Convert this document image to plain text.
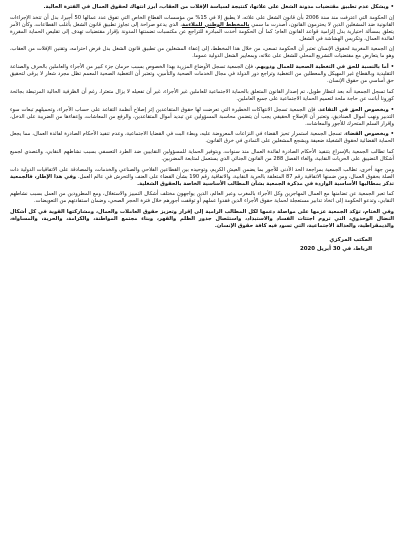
• ويشكل عدم تطبيق مقتضيات مدونة الشغل على علاتها، كنتيجة لسياسة الإفلات من العقاب، أبرز انتهاك لحقوق العمال في الفترة الحالية.

إن الحكومة التي اعترفت منذ سنة 2006 بأن قانون الشغل على علاته، لا يطبق إلا في 15% من مؤسسات القطاع الخاص التي تفوق عدد عمالها 50 أجيرا، بدل أن تتخذ الإجراءات القانونية ضد المشغلين الذين لا يحترمون القانون، أصدرت ما سمي بالمخطط الوطني للملاءمة، الذي يدعو صراحة إلى تجاوز تطبيق قانون الشغل بأغلب القطاعات، وكأن الأمر يتعلق بمسألة اختيارية بدل إلزامية قواعد القانون العام؛ كما أن الحكومة أخذت المبادرة للتراجع عن مكتسبات تضمنتها المدونة بإقرار مقتضيات تهدف إلى تقليص الحماية المقررة لفائدة العمال، وتكريس الهشاشة في الشغل.

إن الجمعية المغربية لحقوق الإنسان تعتبر أن الحكومة تسعى، من خلال هذا المخطط، إلى إعفاء المشغلين من تطبيق قانون الشغل بدل فرض احترامه، وتقنين الإفلات من العقاب، وهو ما يتعارض مع مقتضيات التشريع المحلي للشغل على علاته، وبمعايير الشغل الدولية عموما.

• أما بالنسبة للحق في التغطية الصحية للعمال وذويهم، فإن الجمعية تسجل الأوضاع المزرية بهذا الخصوص بسبب حرمان جزء كبير من الأجراء والعاملين بالحرف والصناعة التقليدية وبالقطاع غير المهيكل والمعطلين من التغطية وتراجع دور الدولة في مجال الخدمات الصحية والتأمين، وتعتبر أن التغطية الصحية المعمم تظل مجرد شعار لا يرقى لتحقيق حق أساسي من حقوق الإنسان.

كما تسجل الجمعية أنه بعد انتظار طويل، تم إصدار القانون المتعلق بالحماية الاجتماعية للعاملين غير الأجراء، غير أن تفعيله لا يزال متعثرا، رغم أن الظرفية الحالية المرتبطة بجائحة كورونا أبانت عن حاجة ملحة لتعميم الحماية الاجتماعية على جميع العاملين.

• وبخصوص الحق في التقاعد، فإن الجمعية تسجل الانتهاكات الخطيرة التي تعرضت لها حقوق المتقاعدين إثر إصلاح أنظمة التقاعد على حساب الأجراء، وتحميلهم تبعات سوء التدبير ونهب أموال الصناديق، وتعتبر أن الإصلاح الحقيقي يجب أن يتضمن محاسبة المسؤولين عن تبديد أموال المتقاعدين، والرفع من المعاشات، وإعفاءها من الضريبة على الدخل، وإقرار السلم المتحرك للأجور والمعاشات.

• وبخصوص القضاء، تسجل الجمعية استمرار تحيز القضاء في النزاعات المعروضة عليه، وبطء البت في القضايا الاجتماعية، وعدم تنفيذ الأحكام الصادرة لفائدة العمال، مما يجعل الحماية القضائية لحقوق الشغيلة ضعيفة ويشجع المشغلين على التمادي في خرق القانون.

كما تطالب الجمعية بالإسراع بتنفيذ الأحكام الصادرة لفائدة العمال منذ سنوات، وبتوفير الحماية للمسؤولين النقابيين ضد الطرد التعسفي بسبب نشاطهم النقابي، والتصدي لجميع أشكال التضييق على الحريات النقابية، وإلغاء الفصل 288 من القانون الجنائي الذي يستعمل لمتابعة المضربين.

ومن جهة أخرى، تطالب الجمعية بمراجعة الحد الأدنى للأجور بما يضمن العيش الكريم، وتوحيده بين القطاعين الفلاحي والصناعي والخدمات، والمصادقة على الاتفاقيات الدولية ذات الصلة بحقوق العمال، ومن ضمنها الاتفاقية رقم 87 المتعلقة بالحرية النقابية، والاتفاقية رقم 190 بشأن القضاء على العنف والتحرش في عالم العمل. وفي هذا الإطار، فالجمعية تذكر بمطالبها الأساسية الواردة في مذكرة الجمعية بشأن المطالب الأساسية الخاصة بالحقوق الشغلية.

كما تعبر الجمعية عن تضامنها مع العمال المهاجرين وكل الأجراء بالمغرب وعبر العالم، الذين يواجهون مختلف أشكال التمييز والاستغلال، ومع المطرودين من العمل بسبب نشاطهم النقابي، وتدعو الحكومة إلى اتخاذ تدابير مستعجلة لحماية حقوق الأجراء الذين فقدوا عملهم أو توقفت أجورهم خلال فترة الحجر الصحي، وضمان استفادتهم من التعويضات.

وفي الختام، تؤكد الجمعية عزمها على مواصلة دعمها لكل المطالب الرامية إلى إقرار وتعزيز حقوق العاملات والعمال، ومشاركتها القوية في كل أشكال النضال الوحدوي، التي تروم اجتثاث الفساد والاستبداد، واستئصال جذور الظلم والقهر، وبناء مجتمع المواطنة، والكرامة، والحرية، والمساواة، والديمقراطية، والعدالة الاجتماعية، التي تسود فيه كافة حقوق الإنسان.

المكتب المركزي
الرباط، في 30 أبريل 2020
